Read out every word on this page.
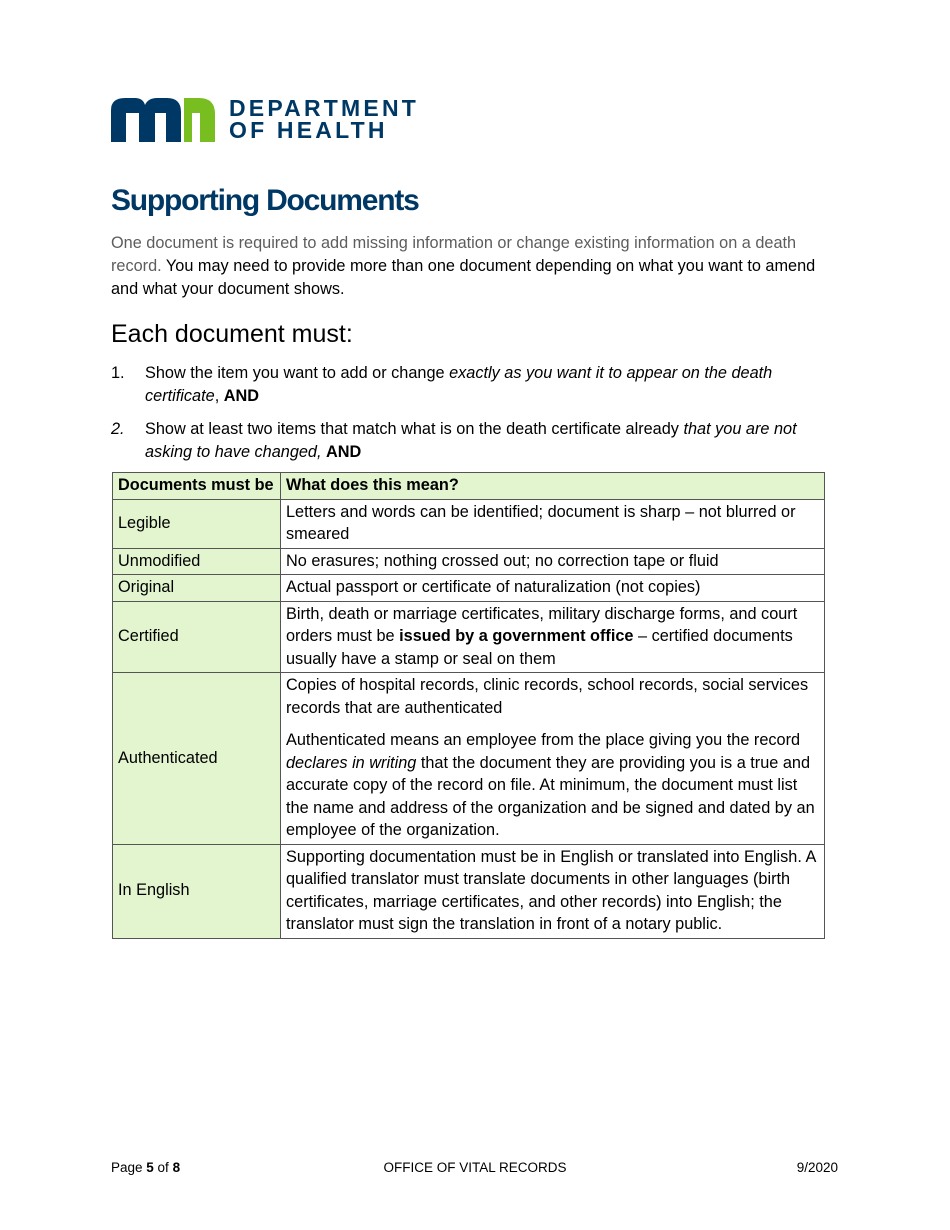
DEPARTMENT
OF HEALTH
Supporting Documents

One document is required to add missing information or change existing information on a death record. You may need to provide more than one document depending on what you want to amend and what your document shows.

Each document must:
1. Show the item you want to add or change exactly as you want it to appear on the death certificate, AND
2. Show at least two items that match what is on the death certificate already that you are not asking to have changed, AND
Documents must be	What does this mean?
Legible	Letters and words can be identified; document is sharp – not blurred or smeared
Unmodified	No erasures; nothing crossed out; no correction tape or fluid
Original	Actual passport or certificate of naturalization (not copies)
Certified	Birth, death or marriage certificates, military discharge forms, and court orders must be issued by a government office – certified documents usually have a stamp or seal on them
Authenticated	Copies of hospital records, clinic records, school records, social services records that are authenticated

Authenticated means an employee from the place giving you the record declares in writing that the document they are providing you is a true and accurate copy of the record on file. At minimum, the document must list the name and address of the organization and be signed and dated by an employee of the organization.

In English	Supporting documentation must be in English or translated into English. A qualified translator must translate documents in other languages (birth certificates, marriage certificates, and other records) into English; the translator must sign the translation in front of a notary public.
Page 5 of 8	OFFICE OF VITAL RECORDS	9/2020
